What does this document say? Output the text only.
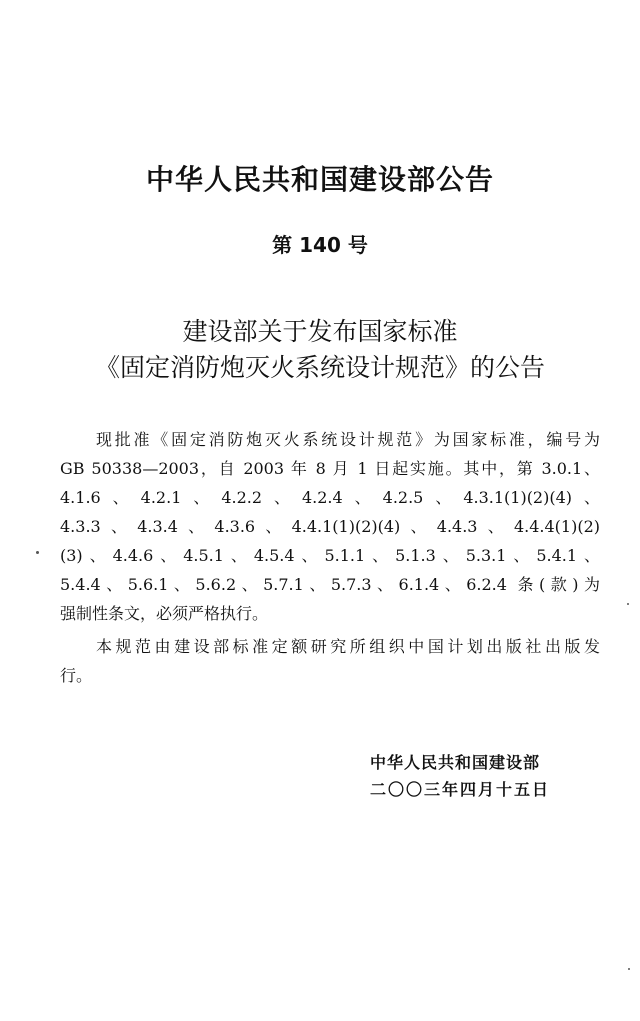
中华人民共和国建设部公告
第 140 号
建设部关于发布国家标准
《固定消防炮灭火系统设计规范》的公告
现批准《固定消防炮灭火系统设计规范》为国家标准，编号为
GB 50338—2003，自 2003 年 8 月 1 日起实施。其中，第 3.0.1、
4.1.6、4.2.1、4.2.2、4.2.4、4.2.5、4.3.1(1)(2)(4)、
4.3.3、4.3.4、4.3.6、4.4.1(1)(2)(4)、4.4.3、4.4.4(1)(2)
(3)、4.4.6、4.5.1、4.5.4、5.1.1、5.1.3、5.3.1、5.4.1、
5.4.4、5.6.1、5.6.2、5.7.1、5.7.3、6.1.4、6.2.4 条(款)为
强制性条文，必须严格执行。
本规范由建设部标准定额研究所组织中国计划出版社出版发
行。
中华人民共和国建设部
二〇〇三年四月十五日
